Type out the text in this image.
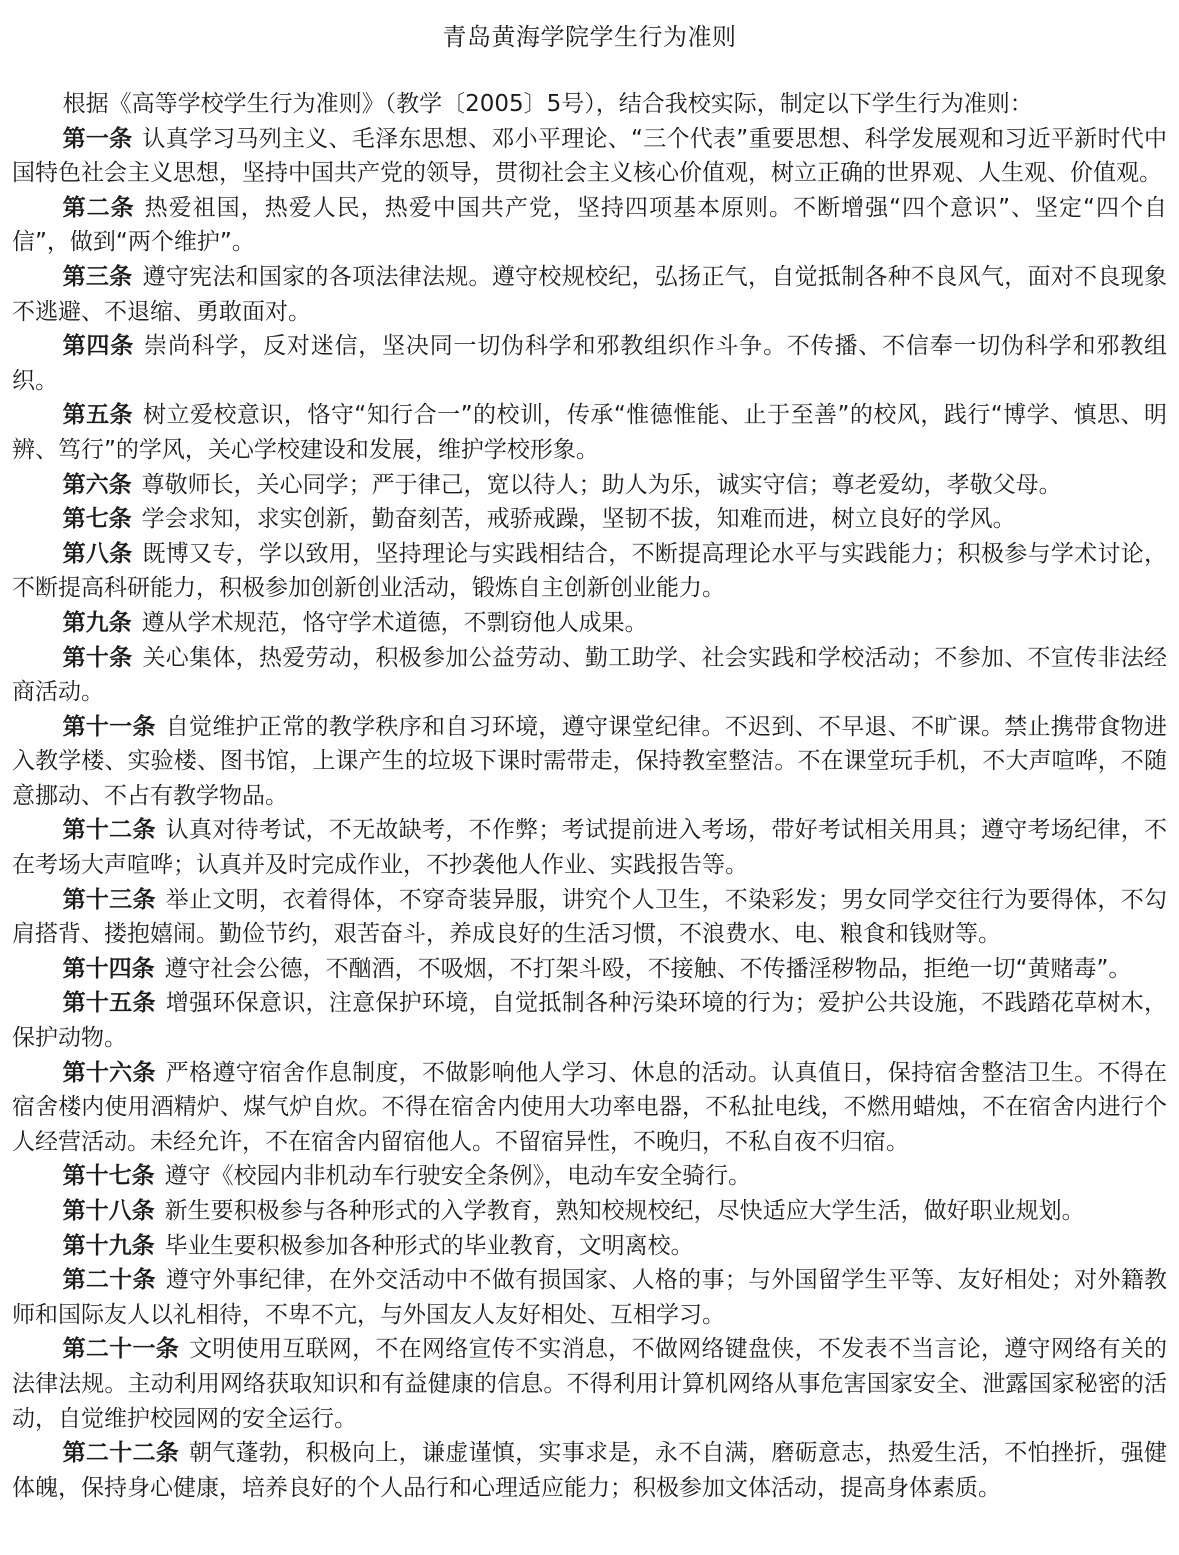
青岛黄海学院学生行为准则

根据《高等学校学生行为准则》（教学〔2005〕5号），结合我校实际，制定以下学生行为准则：

第一条 认真学习马列主义、毛泽东思想、邓小平理论、“三个代表”重要思想、科学发展观和习近平新时代中国特色社会主义思想，坚持中国共产党的领导，贯彻社会主义核心价值观，树立正确的世界观、人生观、价值观。

第二条 热爱祖国，热爱人民，热爱中国共产党，坚持四项基本原则。不断增强“四个意识”、坚定“四个自信”，做到“两个维护”。

第三条 遵守宪法和国家的各项法律法规。遵守校规校纪，弘扬正气，自觉抵制各种不良风气，面对不良现象不逃避、不退缩、勇敢面对。

第四条 崇尚科学，反对迷信，坚决同一切伪科学和邪教组织作斗争。不传播、不信奉一切伪科学和邪教组织。

第五条 树立爱校意识，恪守“知行合一”的校训，传承“惟德惟能、止于至善”的校风，践行“博学、慎思、明辨、笃行”的学风，关心学校建设和发展，维护学校形象。

第六条 尊敬师长，关心同学；严于律己，宽以待人；助人为乐，诚实守信；尊老爱幼，孝敬父母。

第七条 学会求知，求实创新，勤奋刻苦，戒骄戒躁，坚韧不拔，知难而进，树立良好的学风。

第八条 既博又专，学以致用，坚持理论与实践相结合，不断提高理论水平与实践能力；积极参与学术讨论，不断提高科研能力，积极参加创新创业活动，锻炼自主创新创业能力。

第九条 遵从学术规范，恪守学术道德，不剽窃他人成果。

第十条 关心集体，热爱劳动，积极参加公益劳动、勤工助学、社会实践和学校活动；不参加、不宣传非法经商活动。

第十一条 自觉维护正常的教学秩序和自习环境，遵守课堂纪律。不迟到、不早退、不旷课。禁止携带食物进入教学楼、实验楼、图书馆，上课产生的垃圾下课时需带走，保持教室整洁。不在课堂玩手机，不大声喧哗，不随意挪动、不占有教学物品。

第十二条 认真对待考试，不无故缺考，不作弊；考试提前进入考场，带好考试相关用具；遵守考场纪律，不在考场大声喧哗；认真并及时完成作业，不抄袭他人作业、实践报告等。

第十三条 举止文明，衣着得体，不穿奇装异服，讲究个人卫生，不染彩发；男女同学交往行为要得体，不勾肩搭背、搂抱嬉闹。勤俭节约，艰苦奋斗，养成良好的生活习惯，不浪费水、电、粮食和钱财等。

第十四条 遵守社会公德，不酗酒，不吸烟，不打架斗殴，不接触、不传播淫秽物品，拒绝一切“黄赌毒”。

第十五条 增强环保意识，注意保护环境，自觉抵制各种污染环境的行为；爱护公共设施，不践踏花草树木，保护动物。

第十六条 严格遵守宿舍作息制度，不做影响他人学习、休息的活动。认真值日，保持宿舍整洁卫生。不得在宿舍楼内使用酒精炉、煤气炉自炊。不得在宿舍内使用大功率电器，不私扯电线，不燃用蜡烛，不在宿舍内进行个人经营活动。未经允许，不在宿舍内留宿他人。不留宿异性，不晚归，不私自夜不归宿。

第十七条 遵守《校园内非机动车行驶安全条例》，电动车安全骑行。

第十八条 新生要积极参与各种形式的入学教育，熟知校规校纪，尽快适应大学生活，做好职业规划。

第十九条 毕业生要积极参加各种形式的毕业教育，文明离校。

第二十条 遵守外事纪律，在外交活动中不做有损国家、人格的事；与外国留学生平等、友好相处；对外籍教师和国际友人以礼相待，不卑不亢，与外国友人友好相处、互相学习。

第二十一条 文明使用互联网，不在网络宣传不实消息，不做网络键盘侠，不发表不当言论，遵守网络有关的法律法规。主动利用网络获取知识和有益健康的信息。不得利用计算机网络从事危害国家安全、泄露国家秘密的活动，自觉维护校园网的安全运行。

第二十二条 朝气蓬勃，积极向上，谦虚谨慎，实事求是，永不自满，磨砺意志，热爱生活，不怕挫折，强健体魄，保持身心健康，培养良好的个人品行和心理适应能力；积极参加文体活动，提高身体素质。
